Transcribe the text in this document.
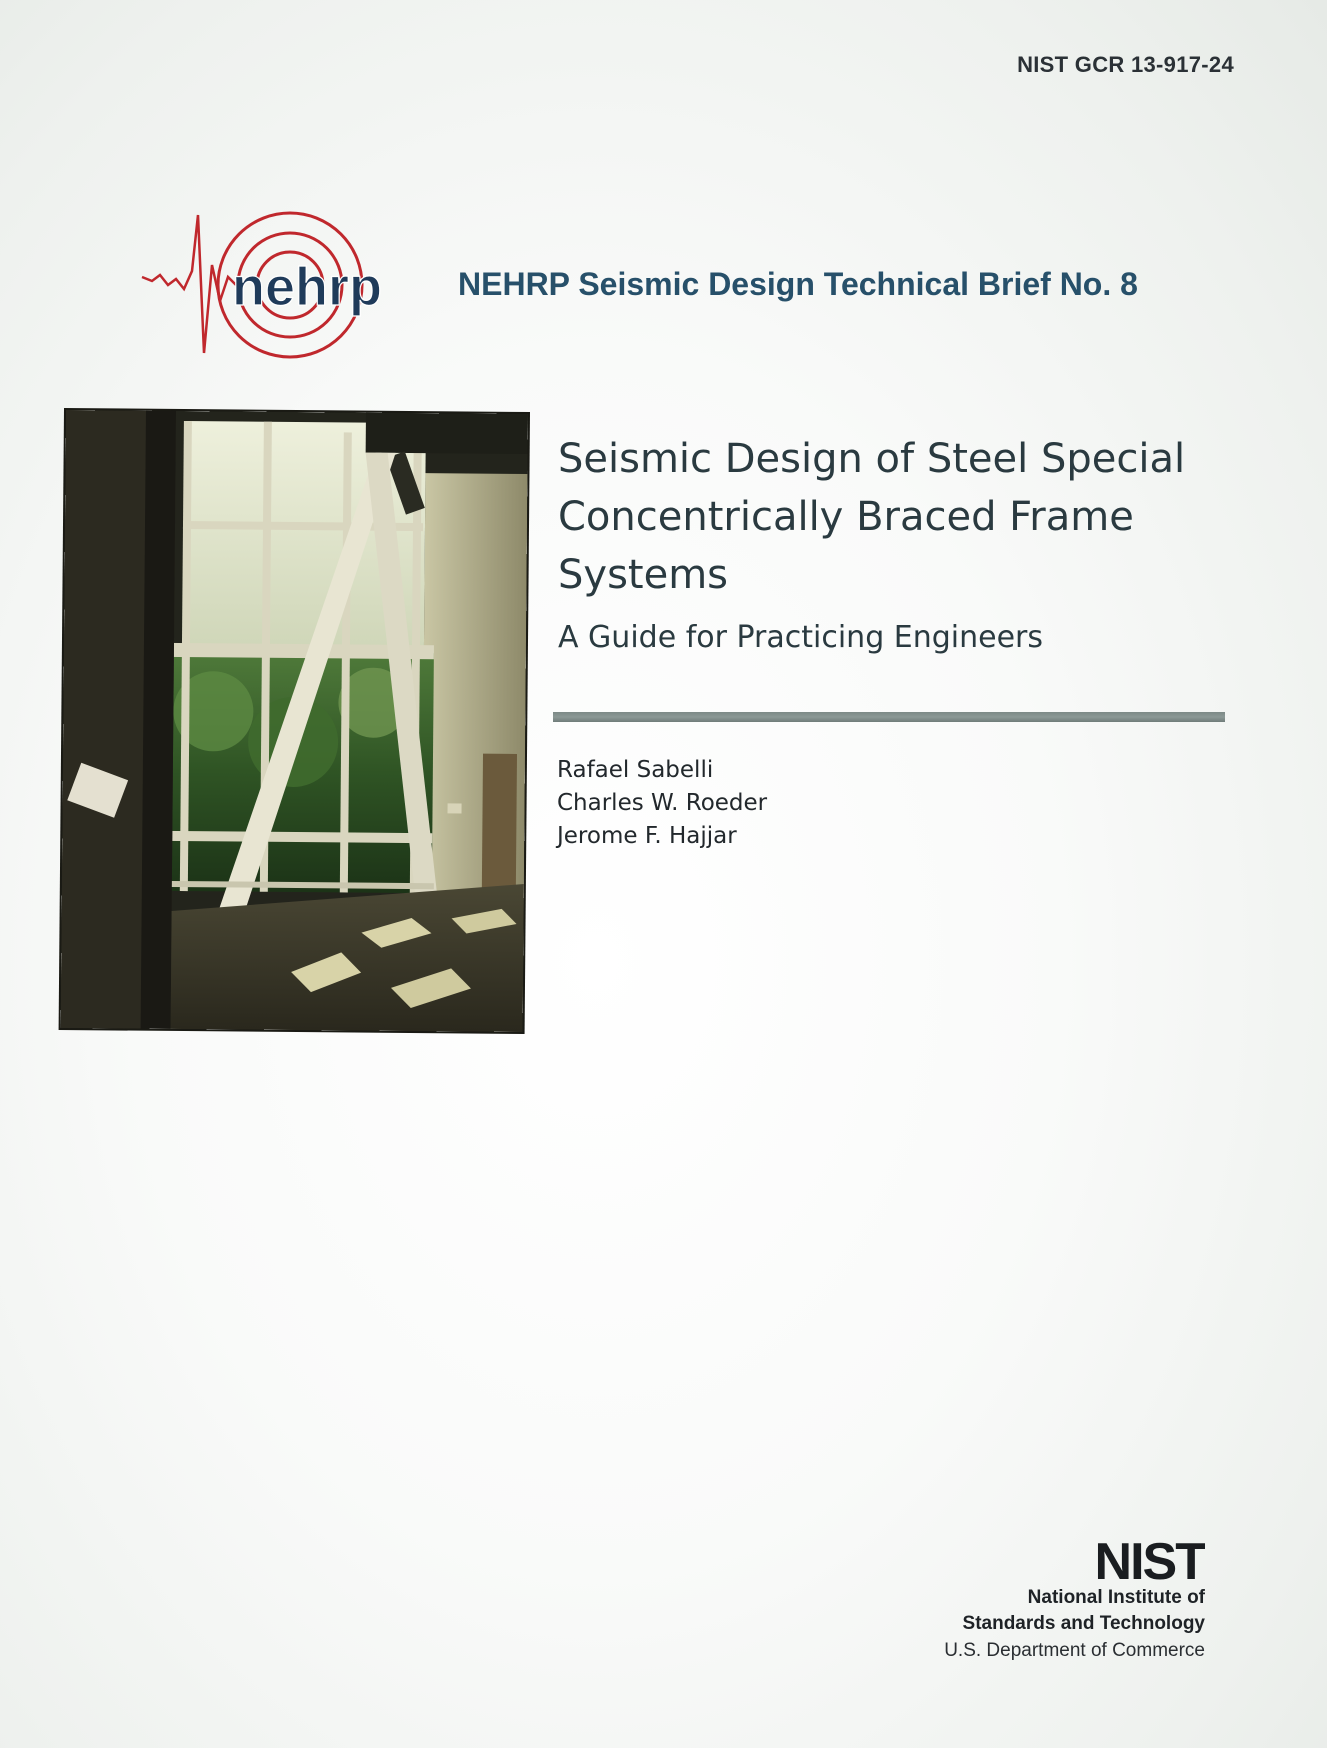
NIST GCR 13-917-24
nehrp NEHRP Seismic Design Technical Brief No. 8
Seismic Design of Steel Special
Concentrically Braced Frame
Systems
A Guide for Practicing Engineers
Rafael Sabelli
Charles W. Roeder
Jerome F. Hajjar
NIST
National Institute of
Standards and Technology
U.S. Department of Commerce
